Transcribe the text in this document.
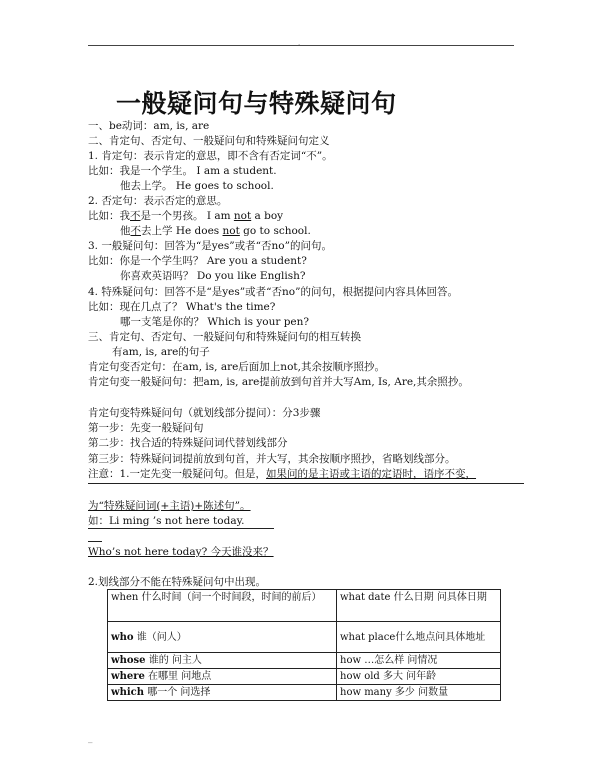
.
一般疑问句与特殊疑问句
一、be动词：am, is, are
二、肯定句、否定句、一般疑问句和特殊疑问句定义
1. 肯定句：表示肯定的意思，即不含有否定词“不”。
比如：我是一个学生。 I am a student.
他去上学。 He goes to school.
2. 否定句：表示否定的意思。
比如：我不是一个男孩。 I am not a boy
他不去上学 He does not go to school.
3. 一般疑问句：回答为“是yes”或者“否no”的问句。
比如：你是一个学生吗？ Are you a student?
你喜欢英语吗？ Do you like English?
4. 特殊疑问句：回答不是“是yes”或者“否no”的问句，根据提问内容具体回答。
比如：现在几点了？ What's the time?
哪一支笔是你的？ Which is your pen?
三、肯定句、否定句、一般疑问句和特殊疑问句的相互转换
有am, is, are的句子
肯定句变否定句：在am, is, are后面加上not,其余按顺序照抄。
肯定句变一般疑问句：把am, is, are提前放到句首并大写Am, Is, Are,其余照抄。
肯定句变特殊疑问句（就划线部分提问）：分3步骤
第一步：先变一般疑问句
第二步：找合适的特殊疑问词代替划线部分
第三步：特殊疑问词提前放到句首，并大写，其余按顺序照抄，省略划线部分。
注意：1.一定先变一般疑问句。但是，如果问的是主语或主语的定语时，语序不变，
为“特殊疑问词(+主语)+陈述句”。
如：Li ming ’s not here today.
Who’s not here today? 今天谁没来？
2.划线部分不能在特殊疑问句中出现。
when 什么时间（问一个时间段，时间的前后）	what date 什么日期 问具体日期
who 谁（问人）	what place什么地点问具体地址
whose 谁的 问主人	how …怎么样 问情况
where 在哪里 问地点	how old 多大 问年龄
which 哪一个 问选择	how many 多少 问数量
–
